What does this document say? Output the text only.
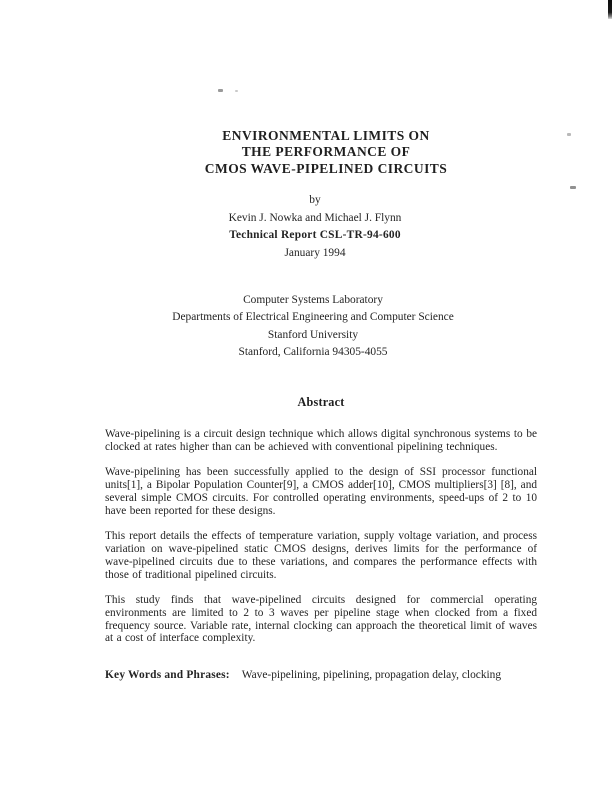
ENVIRONMENTAL LIMITS ON
THE PERFORMANCE OF
CMOS WAVE-PIPELINED CIRCUITS
by
Kevin J. Nowka and Michael J. Flynn
Technical Report CSL-TR-94-600
January 1994
Computer Systems Laboratory
Departments of Electrical Engineering and Computer Science
Stanford University
Stanford, California 94305-4055
Abstract

Wave-pipelining is a circuit design technique which allows digital synchronous systems to be clocked at rates higher than can be achieved with conventional pipelining techniques.

Wave-pipelining has been successfully applied to the design of SSI processor functional units[1], a Bipolar Population Counter[9], a CMOS adder[10], CMOS multipliers[3] [8], and several simple CMOS circuits. For controlled operating environments, speed-ups of 2 to 10 have been reported for these designs.

This report details the effects of temperature variation, supply voltage variation, and process variation on wave-pipelined static CMOS designs, derives limits for the performance of wave-pipelined circuits due to these variations, and compares the performance effects with those of traditional pipelined circuits.

This study finds that wave-pipelined circuits designed for commercial operating environments are limited to 2 to 3 waves per pipeline stage when clocked from a fixed frequency source. Variable rate, internal clocking can approach the theoretical limit of waves at a cost of interface complexity.

Key Words and Phrases: Wave-pipelining, pipelining, propagation delay, clocking
